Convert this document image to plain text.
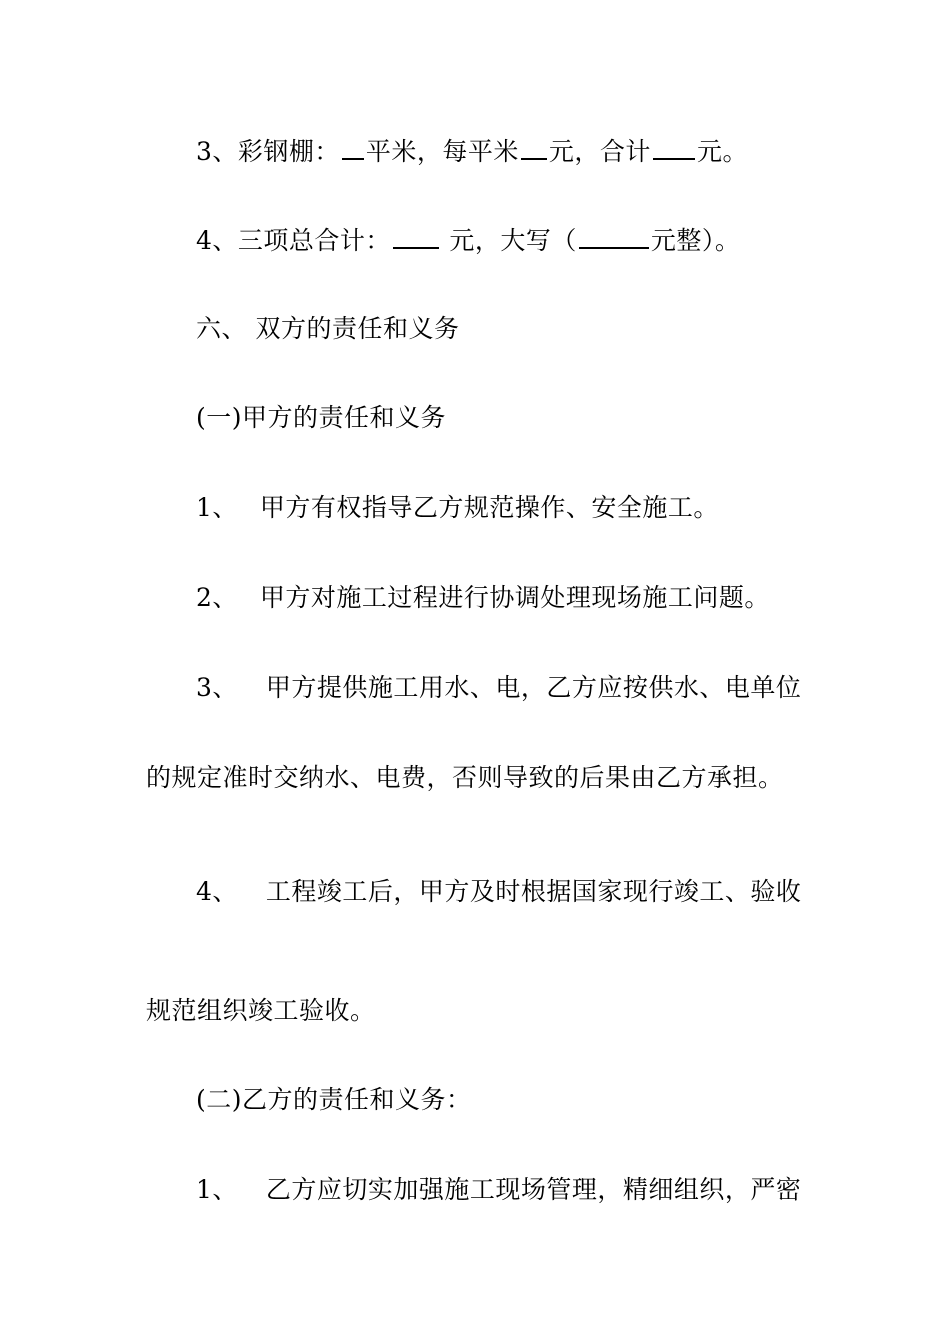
3、彩钢棚： 平米，每平米 元，合计 元。
4、三项总合计： 元，大写（	元整）。
六、 双方的责任和义务
(一)甲方的责任和义务
1、 甲方有权指导乙方规范操作、安全施工。
2、 甲方对施工过程进行协调处理现场施工问题。
3、 甲方提供施工用水、电，乙方应按供水、电单位
的规定准时交纳水、电费，否则导致的后果由乙方承担。
4、 工程竣工后，甲方及时根据国家现行竣工、验收
规范组织竣工验收。
(二)乙方的责任和义务：
1、 乙方应切实加强施工现场管理，精细组织，严密
